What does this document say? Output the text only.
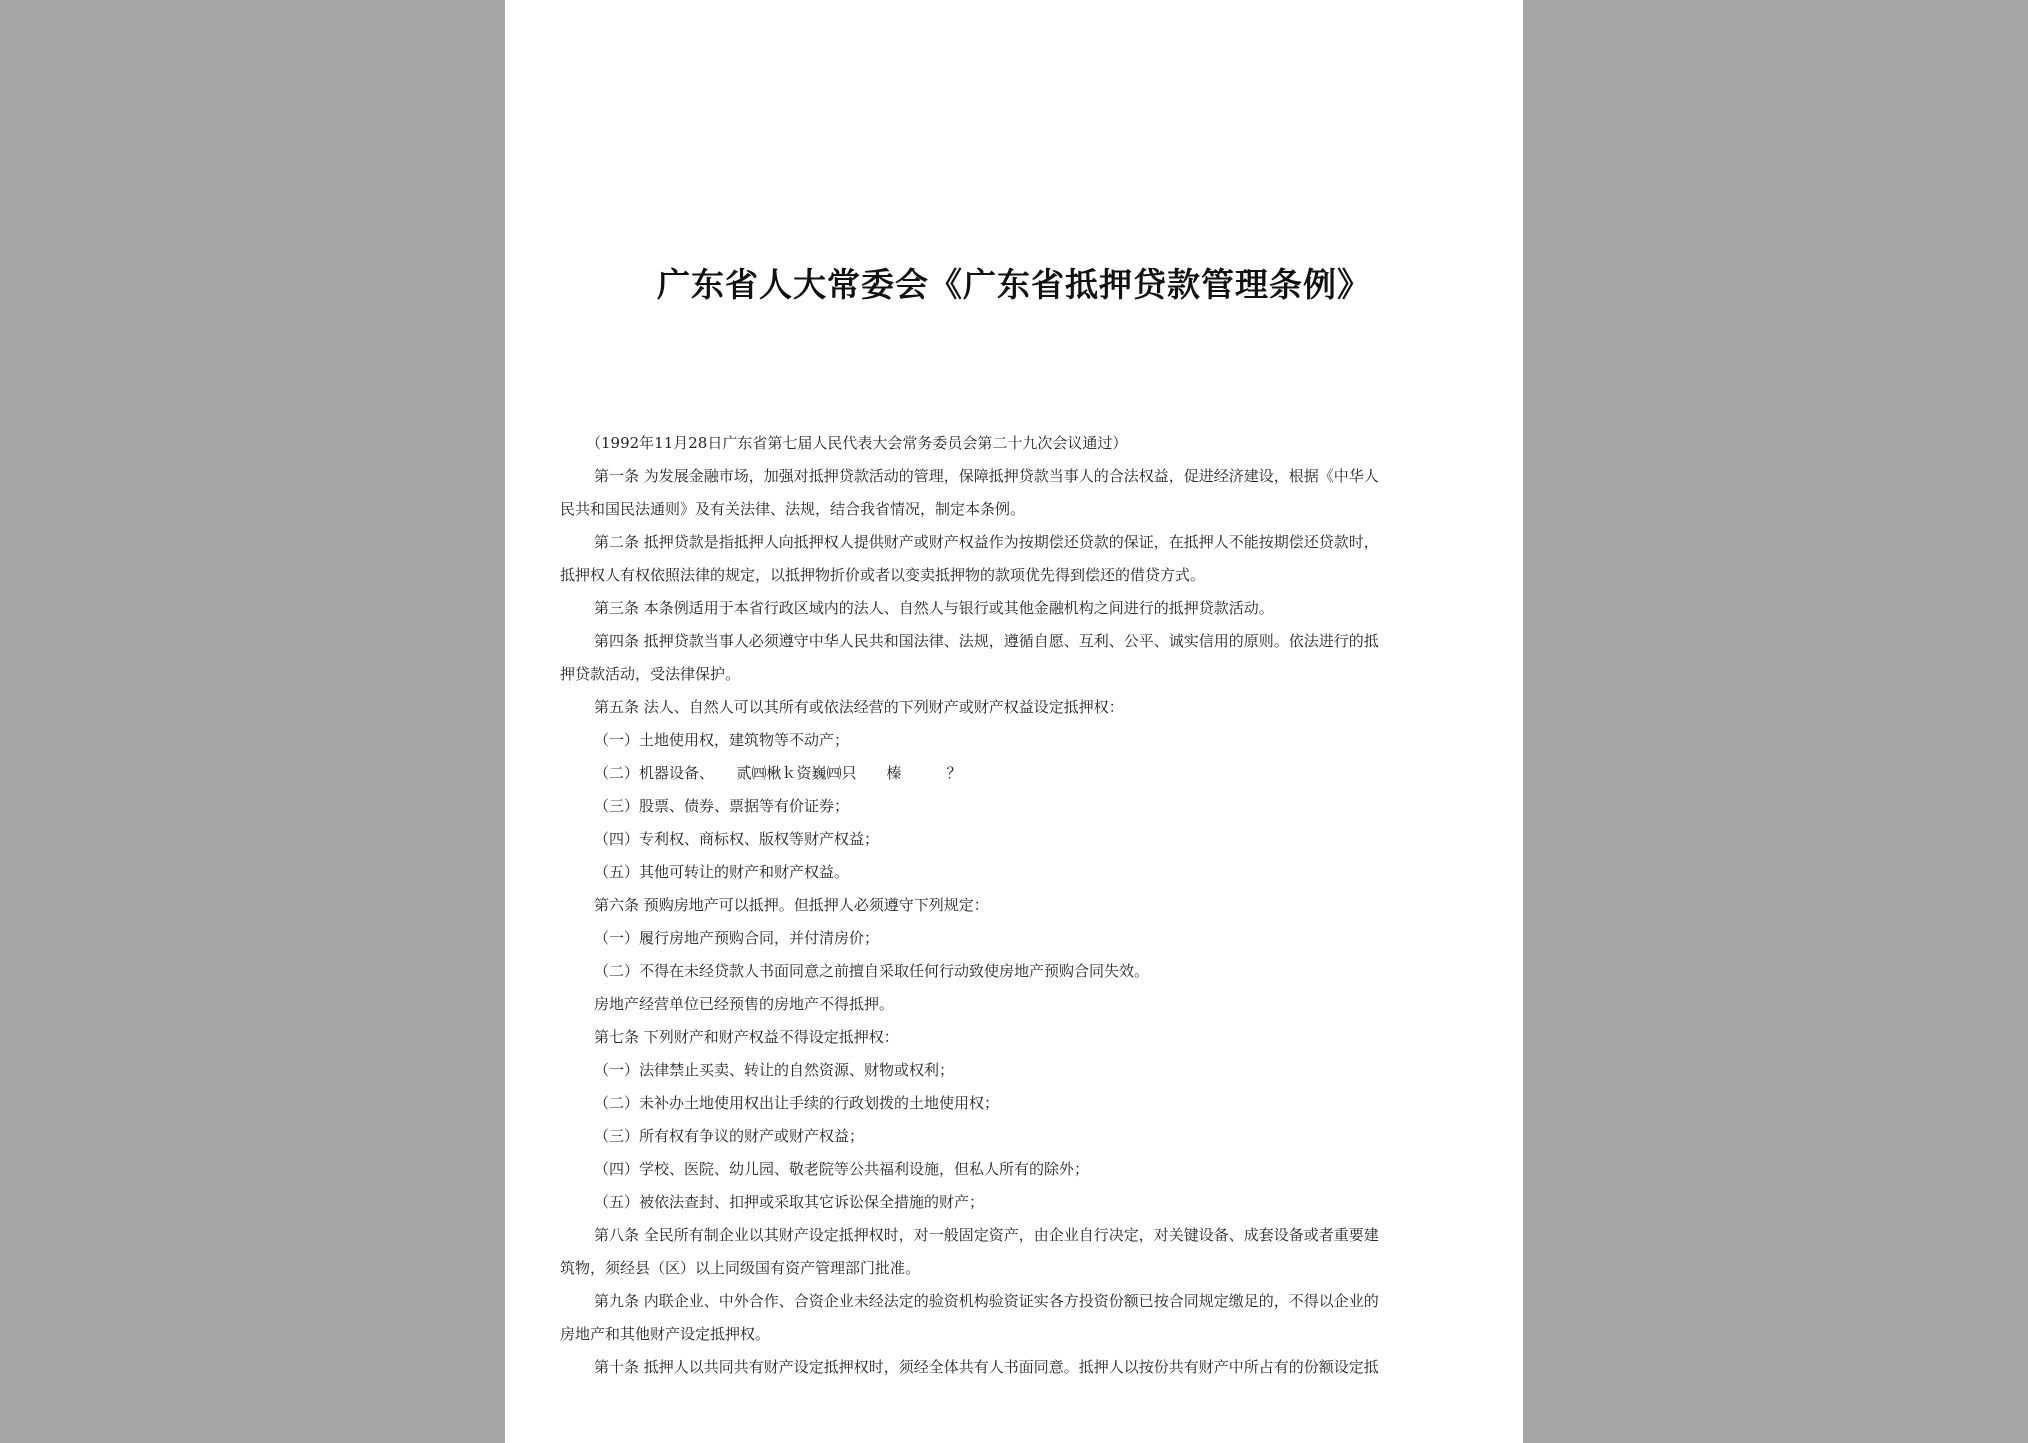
广东省人大常委会《广东省抵押贷款管理条例》
（1992年11月28日广东省第七届人民代表大会常务委员会第二十九次会议通过）
第一条 为发展金融市场，加强对抵押贷款活动的管理，保障抵押贷款当事人的合法权益，促进经济建设，根据《中华人
民共和国民法通则》及有关法律、法规，结合我省情况，制定本条例。
第二条 抵押贷款是指抵押人向抵押权人提供财产或财产权益作为按期偿还贷款的保证，在抵押人不能按期偿还贷款时，
抵押权人有权依照法律的规定，以抵押物折价或者以变卖抵押物的款项优先得到偿还的借贷方式。
第三条 本条例适用于本省行政区域内的法人、自然人与银行或其他金融机构之间进行的抵押贷款活动。
第四条 抵押贷款当事人必须遵守中华人民共和国法律、法规，遵循自愿、互利、公平、诚实信用的原则。依法进行的抵
押贷款活动，受法律保护。
第五条 法人、自然人可以其所有或依法经营的下列财产或财产权益设定抵押权：
（一）土地使用权，建筑物等不动产；
（二）机器设备、　　贰㈣楸ｋ资巍㈣只　　榛　　　？
（三）股票、债券、票据等有价证券；
（四）专利权、商标权、版权等财产权益；
（五）其他可转让的财产和财产权益。
第六条 预购房地产可以抵押。但抵押人必须遵守下列规定：
（一）履行房地产预购合同，并付清房价；
（二）不得在未经贷款人书面同意之前擅自采取任何行动致使房地产预购合同失效。
房地产经营单位已经预售的房地产不得抵押。
第七条 下列财产和财产权益不得设定抵押权：
（一）法律禁止买卖、转让的自然资源、财物或权利；
（二）未补办土地使用权出让手续的行政划拨的土地使用权；
（三）所有权有争议的财产或财产权益；
（四）学校、医院、幼儿园、敬老院等公共福利设施，但私人所有的除外；
（五）被依法查封、扣押或采取其它诉讼保全措施的财产；
第八条 全民所有制企业以其财产设定抵押权时，对一般固定资产，由企业自行决定，对关键设备、成套设备或者重要建
筑物，须经县（区）以上同级国有资产管理部门批准。
第九条 内联企业、中外合作、合资企业未经法定的验资机构验资证实各方投资份额已按合同规定缴足的，不得以企业的
房地产和其他财产设定抵押权。
第十条 抵押人以共同共有财产设定抵押权时，须经全体共有人书面同意。抵押人以按份共有财产中所占有的份额设定抵
